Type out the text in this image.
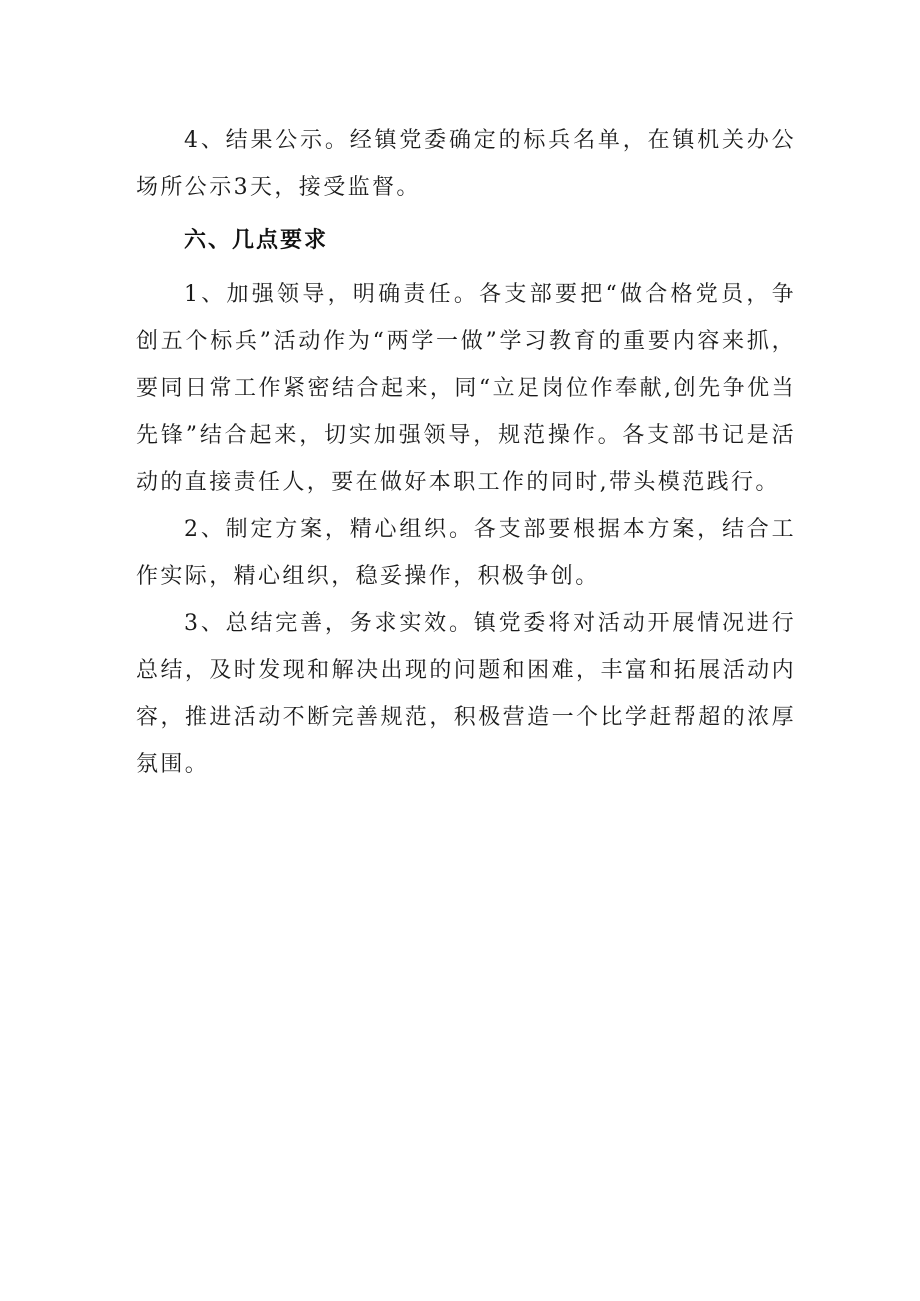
4、结果公示。经镇党委确定的标兵名单，在镇机关办公场所公示3天，接受监督。

六、几点要求

1、加强领导，明确责任。各支部要把“做合格党员，争创五个标兵”活动作为“两学一做”学习教育的重要内容来抓，要同日常工作紧密结合起来，同“立足岗位作奉献,创先争优当先锋”结合起来，切实加强领导，规范操作。各支部书记是活动的直接责任人，要在做好本职工作的同时,带头模范践行。

2、制定方案，精心组织。各支部要根据本方案，结合工作实际，精心组织，稳妥操作，积极争创。

3、总结完善，务求实效。镇党委将对活动开展情况进行总结，及时发现和解决出现的问题和困难，丰富和拓展活动内容，推进活动不断完善规范，积极营造一个比学赶帮超的浓厚氛围。
